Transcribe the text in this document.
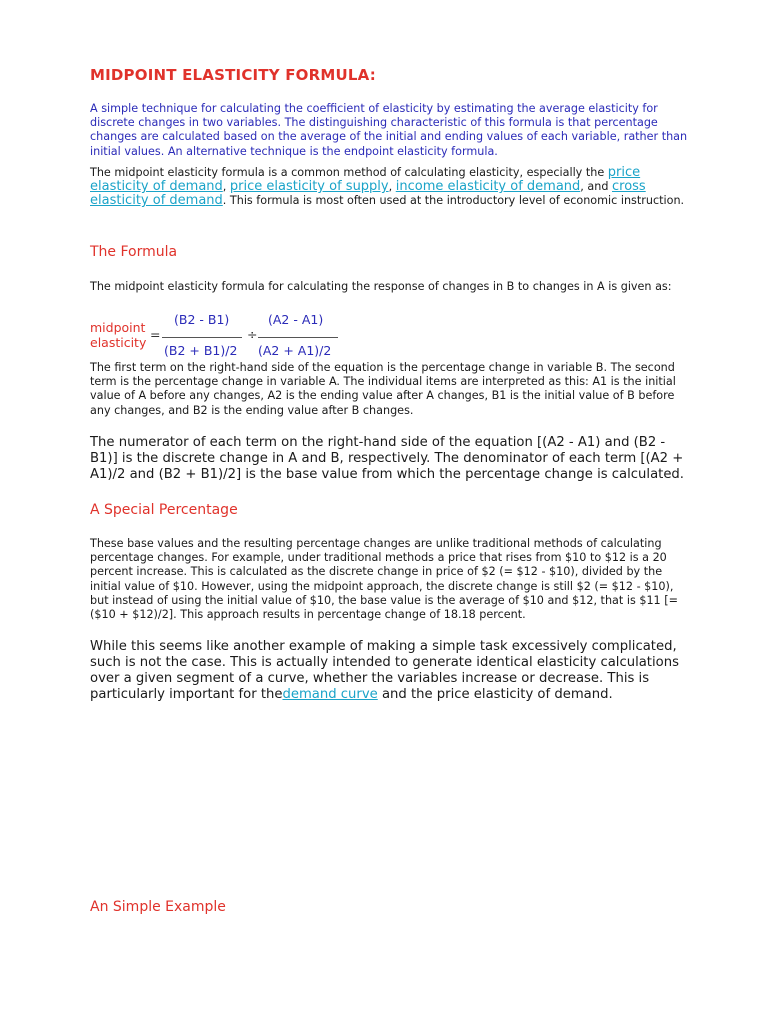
MIDPOINT ELASTICITY FORMULA:

A simple technique for calculating the coefficient of elasticity by estimating the average elasticity for discrete changes in two variables. The distinguishing characteristic of this formula is that percentage changes are calculated based on the average of the initial and ending values of each variable, rather than initial values. An alternative technique is the endpoint elasticity formula.

The midpoint elasticity formula is a common method of calculating elasticity, especially the price elasticity of demand, price elasticity of supply, income elasticity of demand, and cross elasticity of demand. This formula is most often used at the introductory level of economic instruction.

The Formula

The midpoint elasticity formula for calculating the response of changes in B to changes in A is given as:

midpoint
elasticity
=
(B2 - B1)
(B2 + B1)/2
÷
(A2 - A1)
(A2 + A1)/2

The first term on the right-hand side of the equation is the percentage change in variable B. The second term is the percentage change in variable A. The individual items are interpreted as this: A1 is the initial value of A before any changes, A2 is the ending value after A changes, B1 is the initial value of B before any changes, and B2 is the ending value after B changes.

The numerator of each term on the right-hand side of the equation [(A2 - A1) and (B2 - B1)] is the discrete change in A and B, respectively. The denominator of each term [(A2 + A1)/2 and (B2 + B1)/2] is the base value from which the percentage change is calculated.

A Special Percentage

These base values and the resulting percentage changes are unlike traditional methods of calculating percentage changes. For example, under traditional methods a price that rises from $10 to $12 is a 20 percent increase. This is calculated as the discrete change in price of $2 (= $12 - $10), divided by the initial value of $10. However, using the midpoint approach, the discrete change is still $2 (= $12 - $10), but instead of using the initial value of $10, the base value is the average of $10 and $12, that is $11 [= ($10 + $12)/2]. This approach results in percentage change of 18.18 percent.

While this seems like another example of making a simple task excessively complicated, such is not the case. This is actually intended to generate identical elasticity calculations over a given segment of a curve, whether the variables increase or decrease. This is particularly important for thedemand curve and the price elasticity of demand.

An Simple Example
